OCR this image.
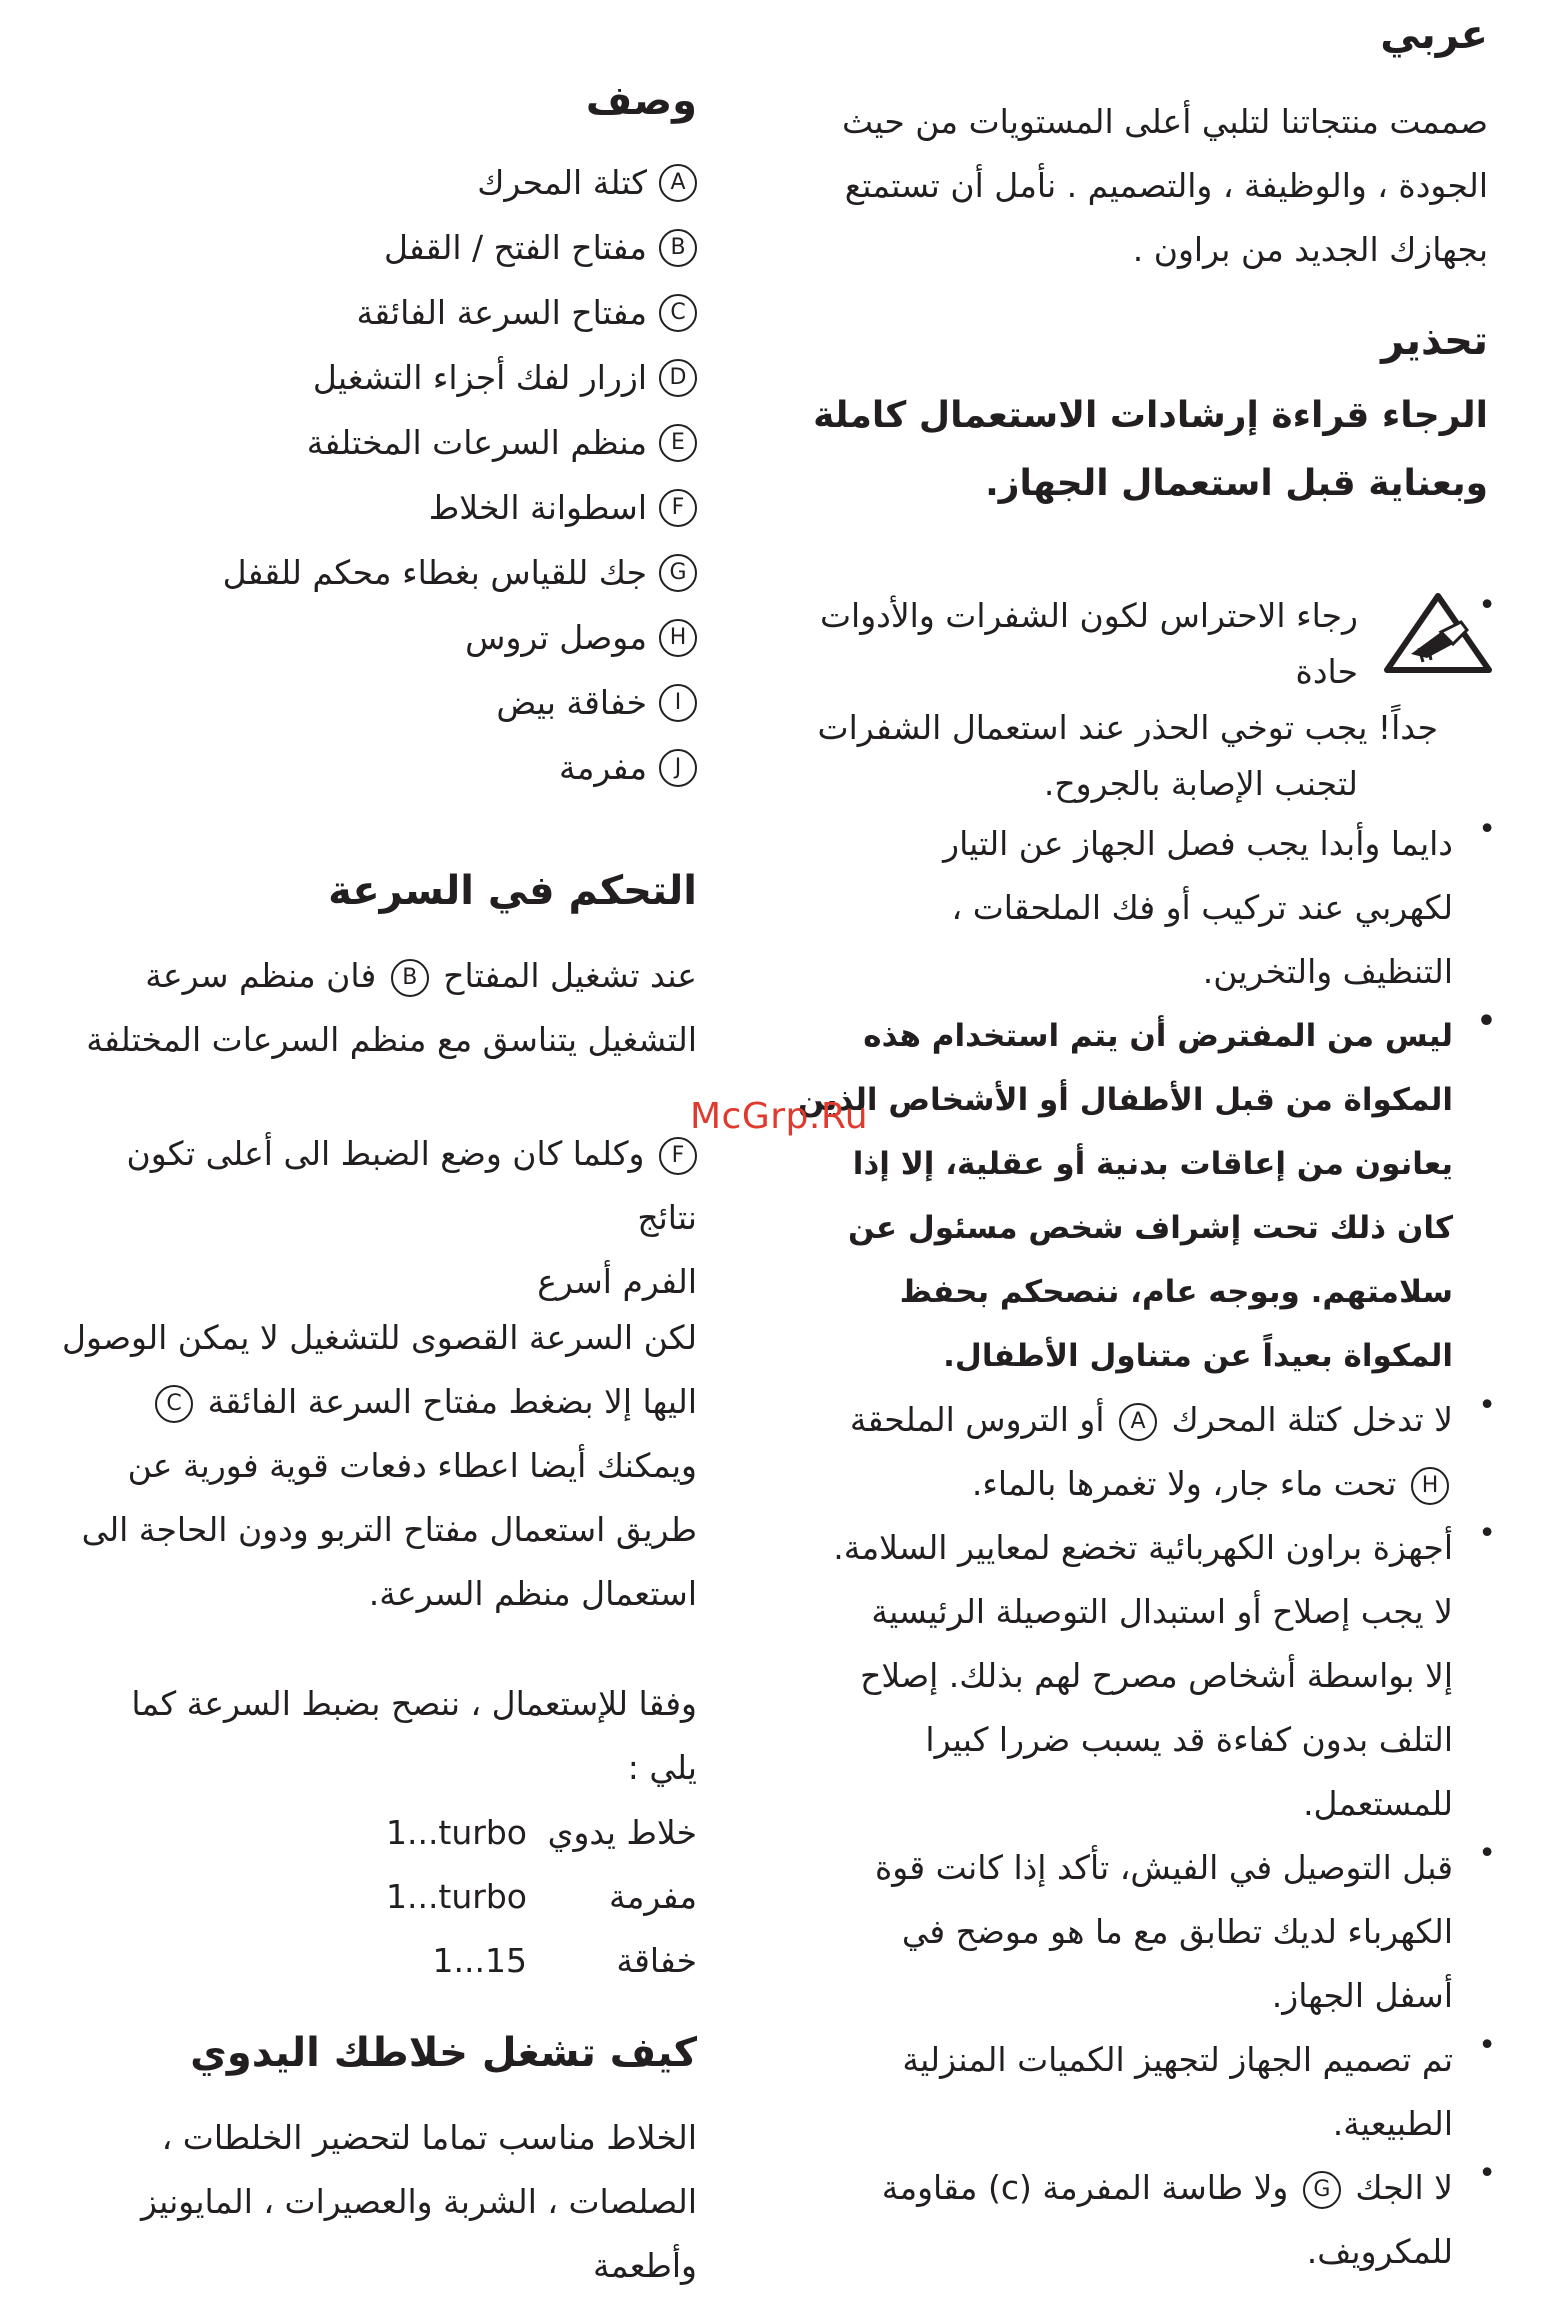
عربي

صممت منتجاتنا لتلبي أعلى المستويات من حيث

الجودة ، والوظيفة ، والتصميم . نأمل أن تستمتع

بجهازك الجديد من براون .

تحذير

الرجاء قراءة إرشادات الاستعمال كاملة

وبعناية قبل استعمال الجهاز.

•

رجاء الاحتراس لكون الشفرات والأدوات حادة

جداً! يجب توخي الحذر عند استعمال الشفرات

لتجنب الإصابة بالجروح.

•

دايما وأبدا يجب فصل الجهاز عن التيار

لكهربي عند تركيب أو فك الملحقات ،

التنظيف والتخرين.

•

ليس من المفترض أن يتم استخدام هذه

المكواة من قبل الأطفال أو الأشخاص الذين

يعانون من إعاقات بدنية أو عقلية، إلا إذا

كان ذلك تحت إشراف شخص مسئول عن

سلامتهم. وبوجه عام، ننصحكم بحفظ

المكواة بعيداً عن متناول الأطفال.

•

لا تدخل كتلة المحرك A أو التروس الملحقة

H تحت ماء جار، ولا تغمرها بالماء.

•

أجهزة براون الكهربائية تخضع لمعايير السلامة.

لا يجب إصلاح أو استبدال التوصيلة الرئيسية

إلا بواسطة أشخاص مصرح لهم بذلك. إصلاح

التلف بدون كفاءة قد يسبب ضررا كبيرا

للمستعمل.

•

قبل التوصيل في الفيش، تأكد إذا كانت قوة

الكهرباء لديك تطابق مع ما هو موضح في

أسفل الجهاز.

•

تم تصميم الجهاز لتجهيز الكميات المنزلية

الطبيعية.

•

لا الجك G ولا طاسة المفرمة (c) مقاومة

للمكرويف.

وصف

A
كتلة المحرك
B
مفتاح الفتح / القفل
C
مفتاح السرعة الفائقة
D
ازرار لفك أجزاء التشغيل
E
منظم السرعات المختلفة
F
اسطوانة الخلاط
G
جك للقياس بغطاء محكم للقفل
H
موصل تروس
I
خفاقة بيض
J
مفرمة

التحكم في السرعة

عند تشغيل المفتاح B فان منظم سرعة

التشغيل يتناسق مع منظم السرعات المختلفة

F وكلما كان وضع الضبط الى أعلى تكون نتائج

الفرم أسرع

لكن السرعة القصوى للتشغيل لا يمكن الوصول

اليها إلا بضغط مفتاح السرعة الفائقة C

ويمكنك أيضا اعطاء دفعات قوية فورية عن

طريق استعمال مفتاح التربو ودون الحاجة الى

استعمال منظم السرعة.

وفقا للإستعمال ، ننصح بضبط السرعة كما

يلي :

خلاط يدوي
1...turbo
مفرمة
1...turbo
خفاقة
1...15

كيف تشغل خلاطك اليدوي

الخلاط مناسب تماما لتحضير الخلطات ،

الصلصات ، الشربة والعصيرات ، المايونيز وأطعمة

McGrp.Ru
